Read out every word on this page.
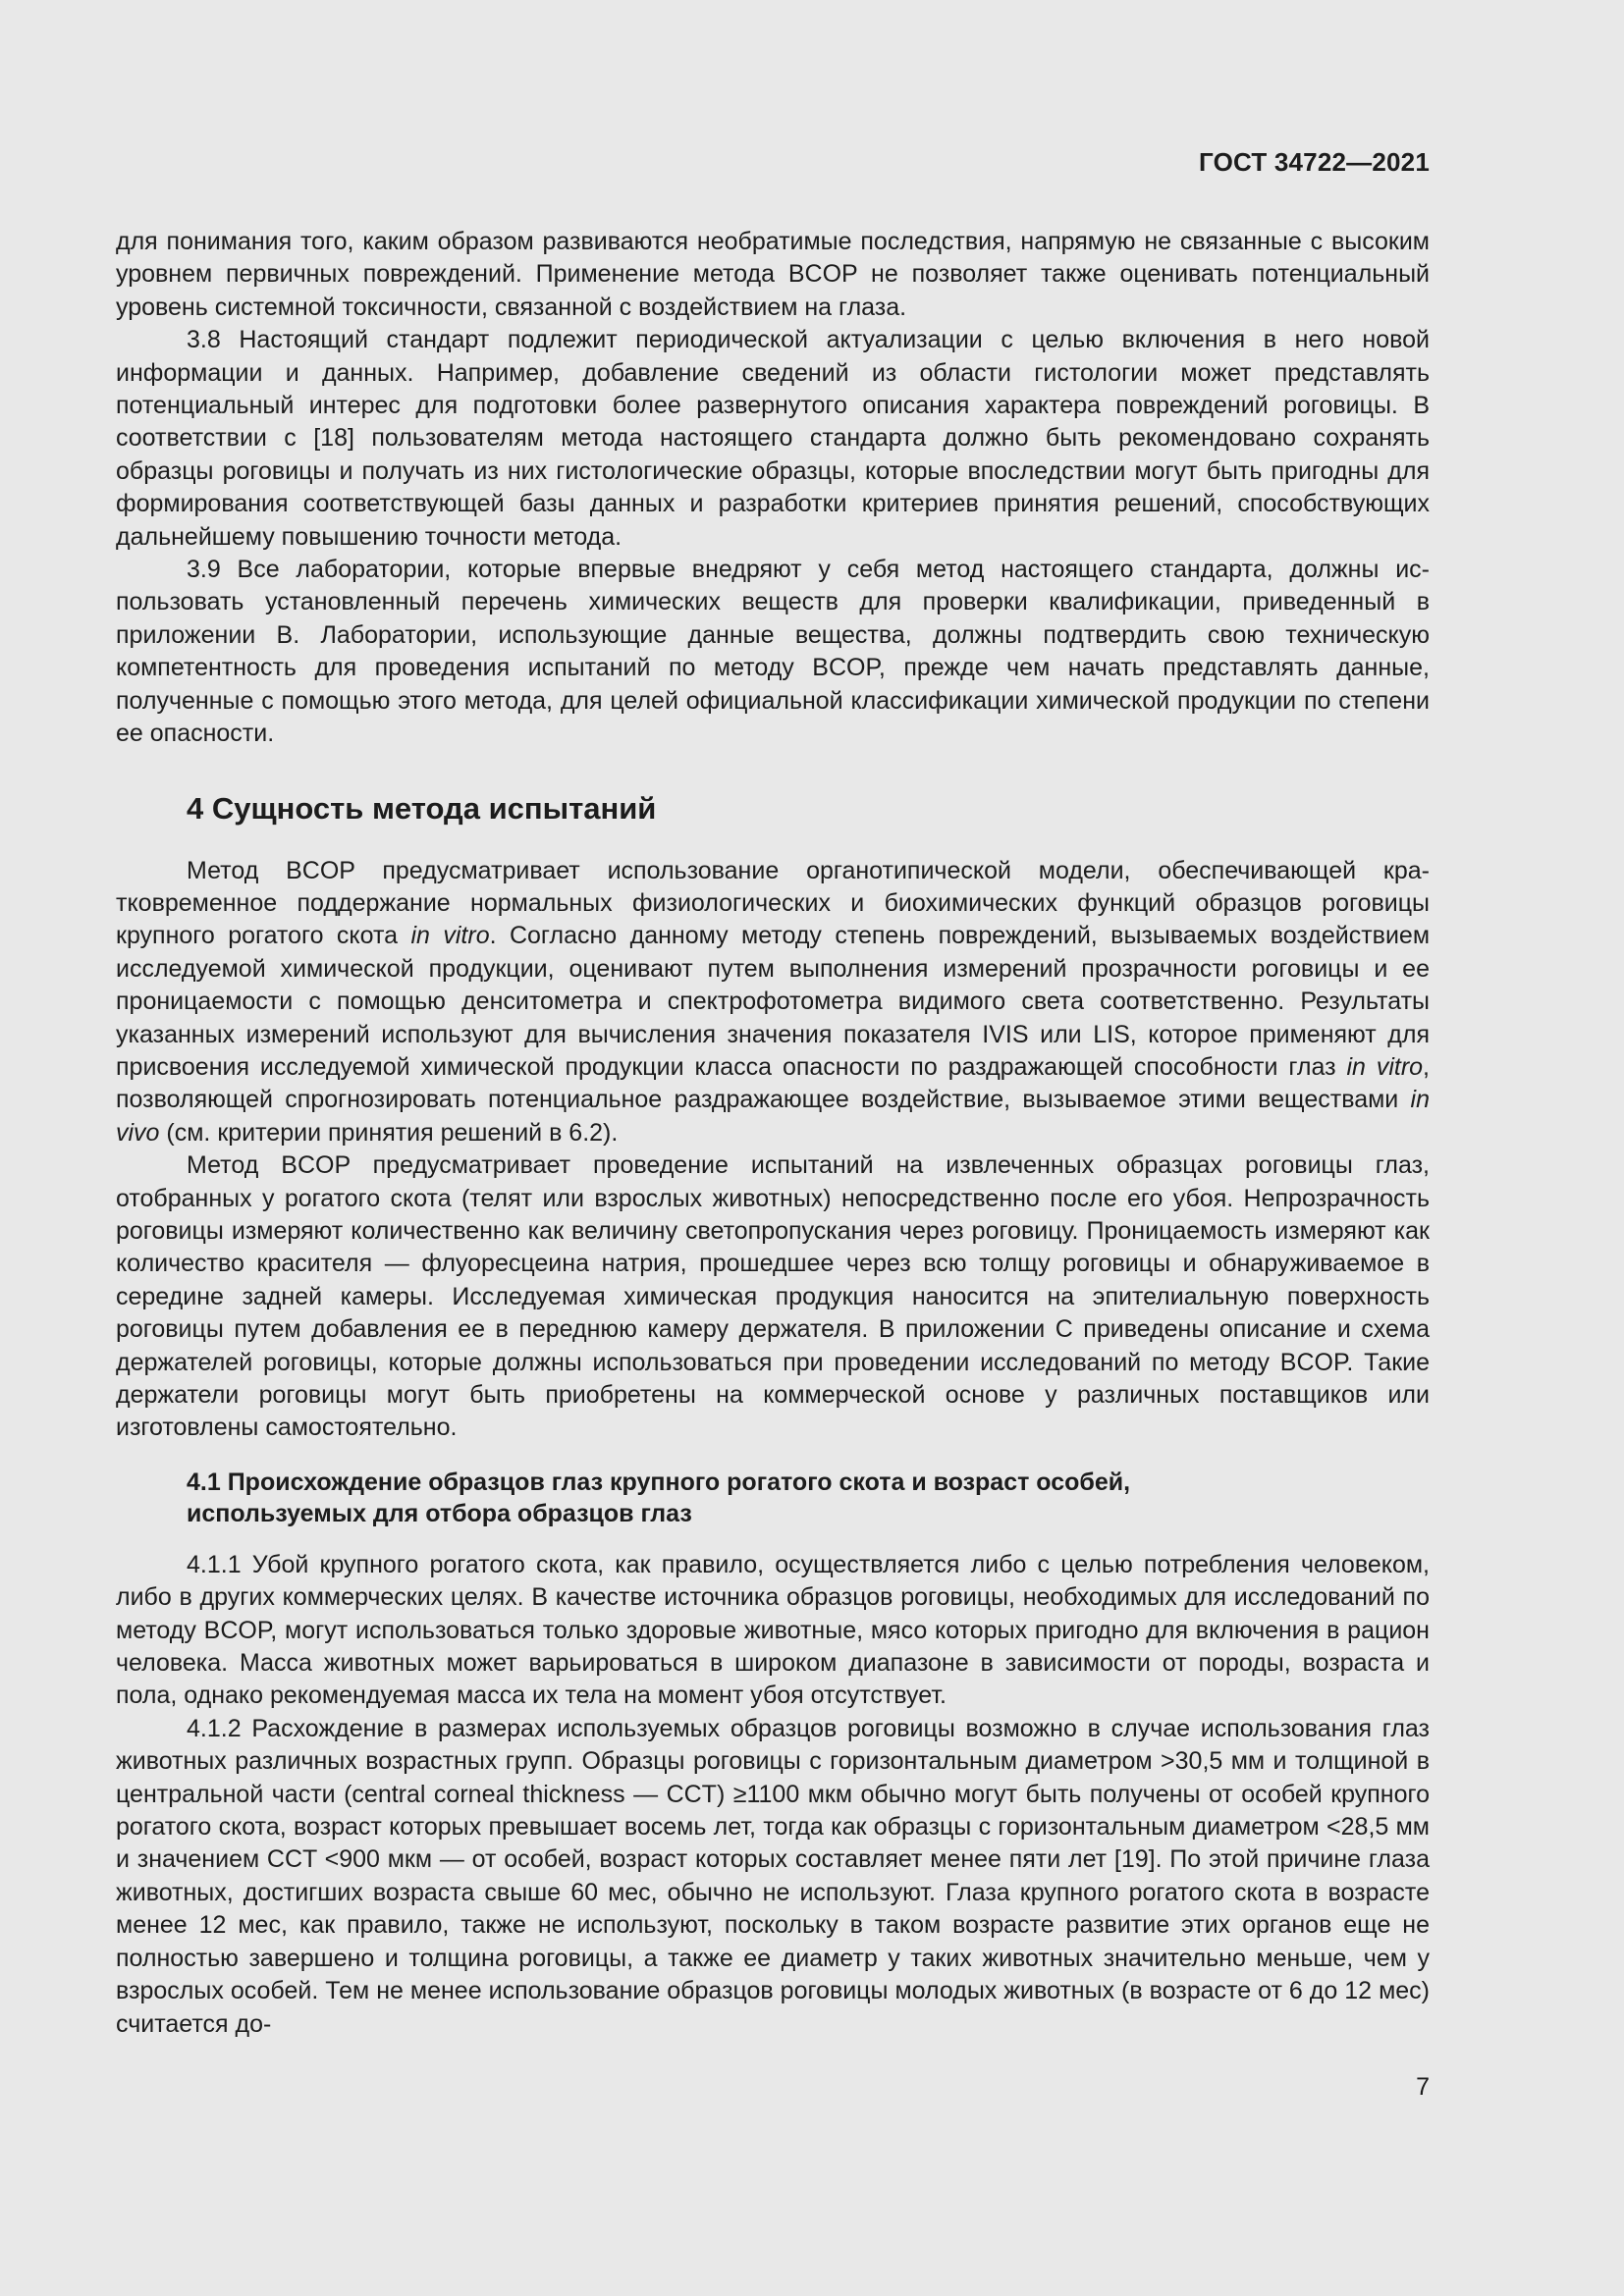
ГОСТ 34722—2021

для понимания того, каким образом развиваются необратимые последствия, напрямую не связанные с высоким уровнем первичных повреждений. Применение метода BCOP не позволяет также оценивать потенциальный уровень системной токсичности, связанной с воздействием на глаза.

3.8 Настоящий стандарт подлежит периодической актуализации с целью включения в него новой информации и данных. Например, добавление сведений из области гистологии может представлять потенциальный интерес для подготовки более развернутого описания характера повреждений роговицы. В соответствии с [18] пользователям метода настоящего стандарта должно быть рекомендовано сохранять образцы роговицы и получать из них гистологические образцы, которые впоследствии могут быть пригодны для формирования соответствующей базы данных и разработки критериев принятия решений, способствующих дальнейшему повышению точности метода.

3.9 Все лаборатории, которые впервые внедряют у себя метод настоящего стандарта, должны использовать установленный перечень химических веществ для проверки квалификации, приведенный в приложении В. Лаборатории, использующие данные вещества, должны подтвердить свою техническую компетентность для проведения испытаний по методу BCOP, прежде чем начать представлять данные, полученные с помощью этого метода, для целей официальной классификации химической продукции по степени ее опасности.

4 Сущность метода испытаний

Метод BCOP предусматривает использование органотипической модели, обеспечивающей кратковременное поддержание нормальных физиологических и биохимических функций образцов роговицы крупного рогатого скота in vitro. Согласно данному методу степень повреждений, вызываемых воздействием исследуемой химической продукции, оценивают путем выполнения измерений прозрачности роговицы и ее проницаемости с помощью денситометра и спектрофотометра видимого света соответственно. Результаты указанных измерений используют для вычисления значения показателя IVIS или LIS, которое применяют для присвоения исследуемой химической продукции класса опасности по раздражающей способности глаз in vitro, позволяющей спрогнозировать потенциальное раздражающее воздействие, вызываемое этими веществами in vivo (см. критерии принятия решений в 6.2).

Метод BCOP предусматривает проведение испытаний на извлеченных образцах роговицы глаз, отобранных у рогатого скота (телят или взрослых животных) непосредственно после его убоя. Непрозрачность роговицы измеряют количественно как величину светопропускания через роговицу. Проницаемость измеряют как количество красителя — флуоресцеина натрия, прошедшее через всю толщу роговицы и обнаруживаемое в середине задней камеры. Исследуемая химическая продукция наносится на эпителиальную поверхность роговицы путем добавления ее в переднюю камеру держателя. В приложении С приведены описание и схема держателей роговицы, которые должны использоваться при проведении исследований по методу BCOP. Такие держатели роговицы могут быть приобретены на коммерческой основе у различных поставщиков или изготовлены самостоятельно.

4.1 Происхождение образцов глаз крупного рогатого скота и возраст особей,
используемых для отбора образцов глаз

4.1.1 Убой крупного рогатого скота, как правило, осуществляется либо с целью потребления человеком, либо в других коммерческих целях. В качестве источника образцов роговицы, необходимых для исследований по методу BCOP, могут использоваться только здоровые животные, мясо которых пригодно для включения в рацион человека. Масса животных может варьироваться в широком диапазоне в зависимости от породы, возраста и пола, однако рекомендуемая масса их тела на момент убоя отсутствует.

4.1.2 Расхождение в размерах используемых образцов роговицы возможно в случае использования глаз животных различных возрастных групп. Образцы роговицы с горизонтальным диаметром >30,5 мм и толщиной в центральной части (central corneal thickness — CCT) ≥1100 мкм обычно могут быть получены от особей крупного рогатого скота, возраст которых превышает восемь лет, тогда как образцы с горизонтальным диаметром <28,5 мм и значением CCT <900 мкм — от особей, возраст которых составляет менее пяти лет [19]. По этой причине глаза животных, достигших возраста свыше 60 мес, обычно не используют. Глаза крупного рогатого скота в возрасте менее 12 мес, как правило, также не используют, поскольку в таком возрасте развитие этих органов еще не полностью завершено и толщина роговицы, а также ее диаметр у таких животных значительно меньше, чем у взрослых особей. Тем не менее использование образцов роговицы молодых животных (в возрасте от 6 до 12 мес) считается до-

7
